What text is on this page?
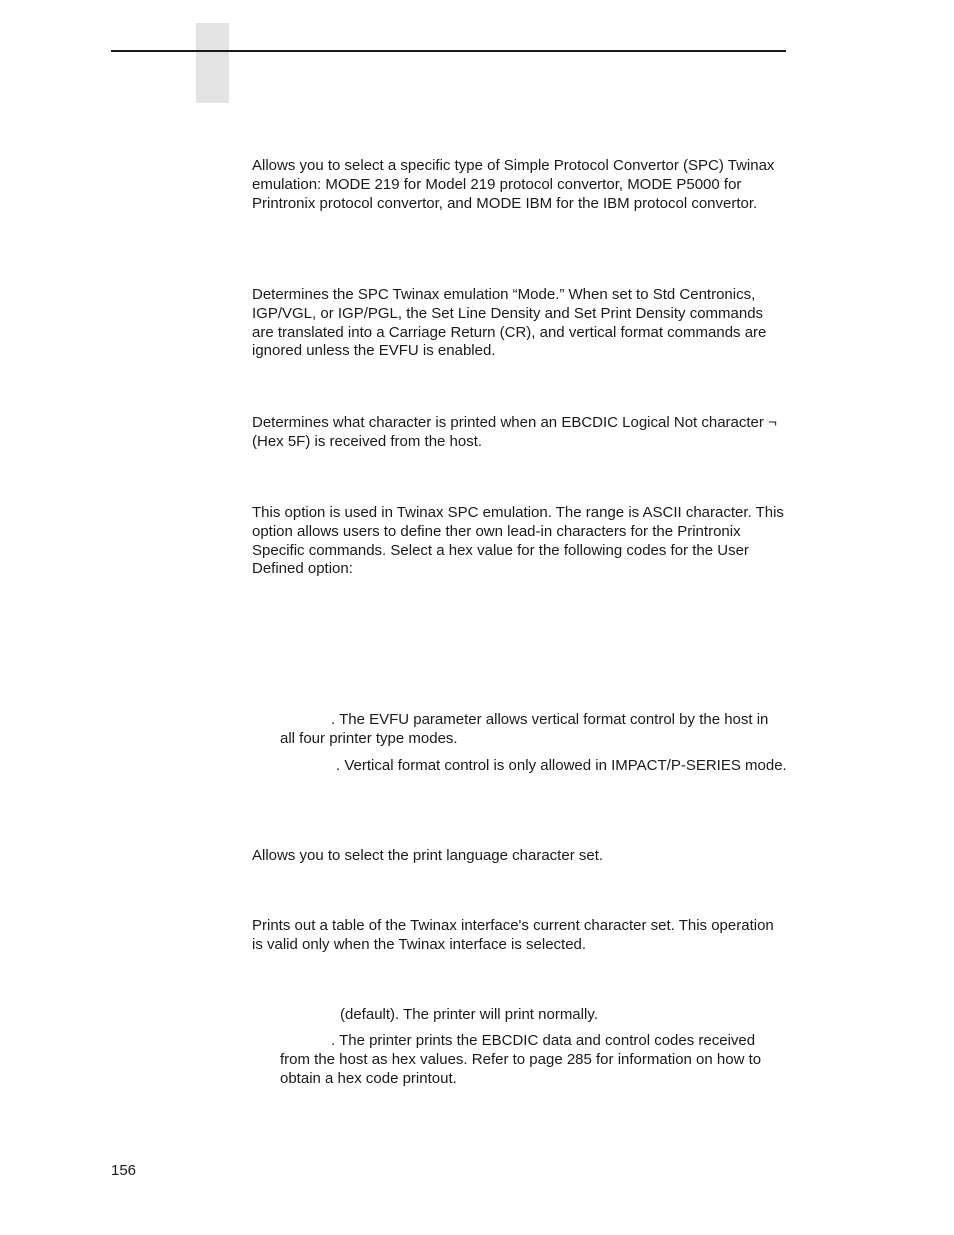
Allows you to select a specific type of Simple Protocol Convertor (SPC) Twinax emulation: MODE 219 for Model 219 protocol convertor, MODE P5000 for Printronix protocol convertor, and MODE IBM for the IBM protocol convertor.

Determines the SPC Twinax emulation “Mode.” When set to Std Centronics, IGP/VGL, or IGP/PGL, the Set Line Density and Set Print Density commands are translated into a Carriage Return (CR), and vertical format commands are ignored unless the EVFU is enabled.

Determines what character is printed when an EBCDIC Logical Not character ¬ (Hex 5F) is received from the host.

This option is used in Twinax SPC emulation. The range is ASCII character. This option allows users to define ther own lead-in characters for the Printronix Specific commands. Select a hex value for the following codes for the User Defined option:

. The EVFU parameter allows vertical format control by the host in all four printer type modes.

. Vertical format control is only allowed in IMPACT/P-SERIES mode.

Allows you to select the print language character set.

Prints out a table of the Twinax interface's current character set. This operation is valid only when the Twinax interface is selected.

(default). The printer will print normally.

. The printer prints the EBCDIC data and control codes received from the host as hex values. Refer to page 285 for information on how to obtain a hex code printout.

156
